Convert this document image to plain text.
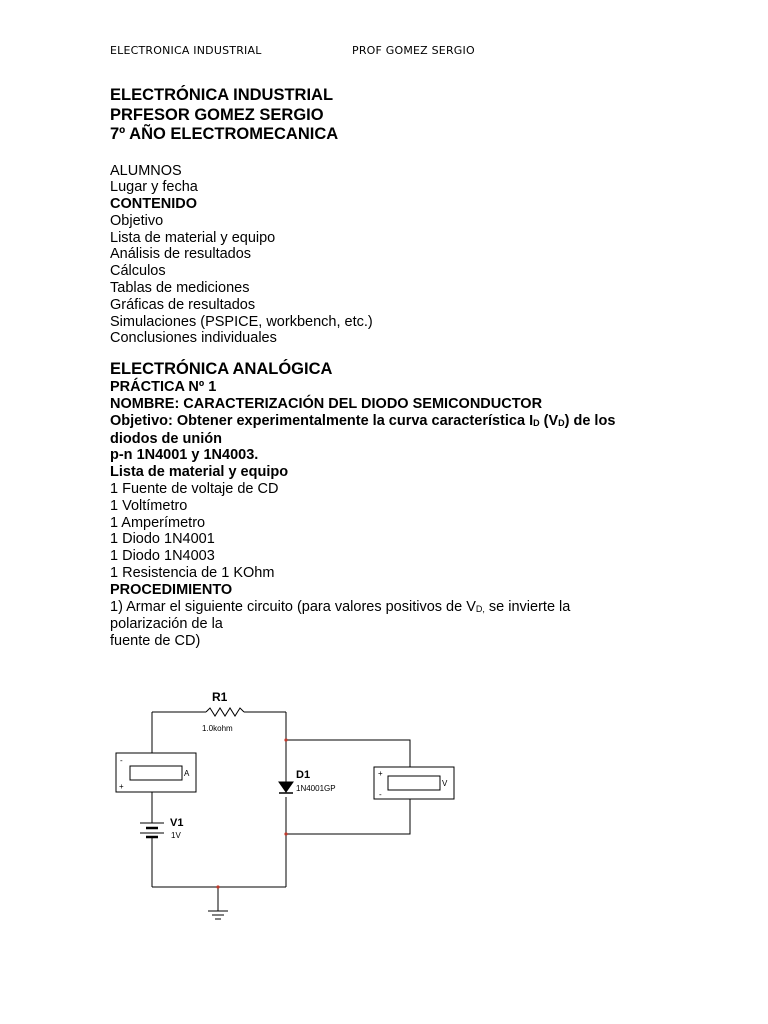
ELECTRONICA INDUSTRIAL	PROF GOMEZ SERGIO
ELECTRÓNICA INDUSTRIAL
PRFESOR GOMEZ SERGIO
7º AÑO ELECTROMECANICA
ALUMNOS
Lugar y fecha
CONTENIDO
Objetivo
Lista de material y equipo
Análisis de resultados
Cálculos
Tablas de mediciones
Gráficas de resultados
Simulaciones (PSPICE, workbench, etc.)
Conclusiones individuales
ELECTRÓNICA ANALÓGICA
PRÁCTICA Nº 1
NOMBRE: CARACTERIZACIÓN DEL DIODO SEMICONDUCTOR
Objetivo: Obtener experimentalmente la curva característica $I_D$ $(V_D)$ de los
diodos de unión
p-n 1N4001 y 1N4003.
Lista de material y equipo
1 Fuente de voltaje de CD
1 Voltímetro
1 Amperímetro
1 Diodo 1N4001
1 Diodo 1N4003
1 Resistencia de 1 KOhm
PROCEDIMIENTO
1) Armar el siguiente circuito (para valores positivos de $V_{D,}$ se invierte la
polarización de la
fuente de CD)
R1
1.0kohm
D1
1N4001GP
V1
1V
A
V
-
+
+
-
